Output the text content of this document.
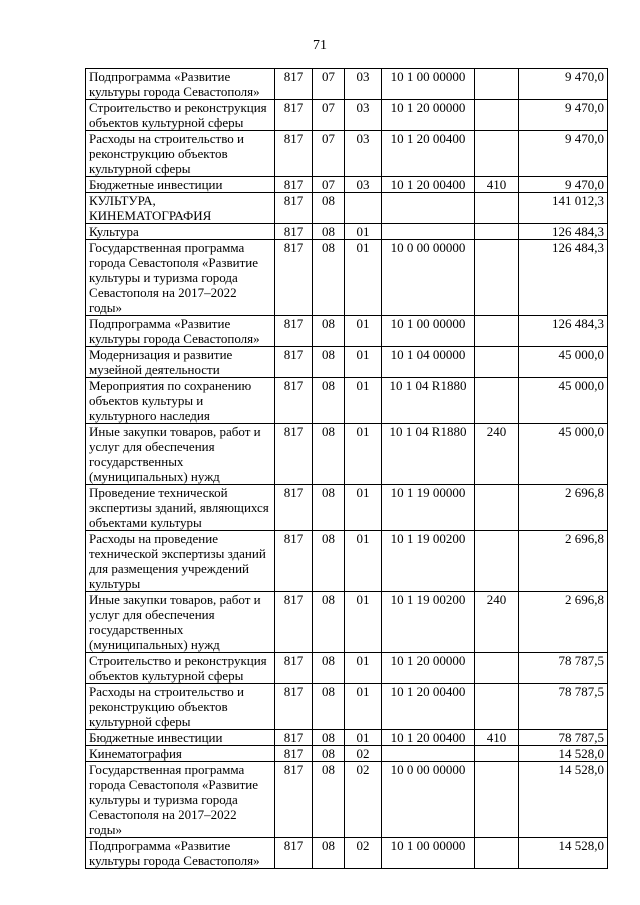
71
Подпрограмма «Развитие культуры города Севастополя»	817	07	03	10 1 00 00000		9 470,0
Строительство и реконструкция объектов культурной сферы	817	07	03	10 1 20 00000		9 470,0
Расходы на строительство и реконструкцию объектов культурной сферы	817	07	03	10 1 20 00400		9 470,0
Бюджетные инвестиции	817	07	03	10 1 20 00400	410	9 470,0
КУЛЬТУРА, КИНЕМАТОГРАФИЯ	817	08				141 012,3
Культура	817	08	01			126 484,3
Государственная программа города Севастополя «Развитие культуры и туризма города Севастополя на 2017–2022 годы»	817	08	01	10 0 00 00000		126 484,3
Подпрограмма «Развитие культуры города Севастополя»	817	08	01	10 1 00 00000		126 484,3
Модернизация и развитие музейной деятельности	817	08	01	10 1 04 00000		45 000,0
Мероприятия по сохранению объектов культуры и культурного наследия	817	08	01	10 1 04 R1880		45 000,0
Иные закупки товаров, работ и услуг для обеспечения государственных (муниципальных) нужд	817	08	01	10 1 04 R1880	240	45 000,0
Проведение технической экспертизы зданий, являющихся объектами культуры	817	08	01	10 1 19 00000		2 696,8
Расходы на проведение технической экспертизы зданий для размещения учреждений культуры	817	08	01	10 1 19 00200		2 696,8
Иные закупки товаров, работ и услуг для обеспечения государственных (муниципальных) нужд	817	08	01	10 1 19 00200	240	2 696,8
Строительство и реконструкция объектов культурной сферы	817	08	01	10 1 20 00000		78 787,5
Расходы на строительство и реконструкцию объектов культурной сферы	817	08	01	10 1 20 00400		78 787,5
Бюджетные инвестиции	817	08	01	10 1 20 00400	410	78 787,5
Кинематография	817	08	02			14 528,0
Государственная программа города Севастополя «Развитие культуры и туризма города Севастополя на 2017–2022 годы»	817	08	02	10 0 00 00000		14 528,0
Подпрограмма «Развитие культуры города Севастополя»	817	08	02	10 1 00 00000		14 528,0
